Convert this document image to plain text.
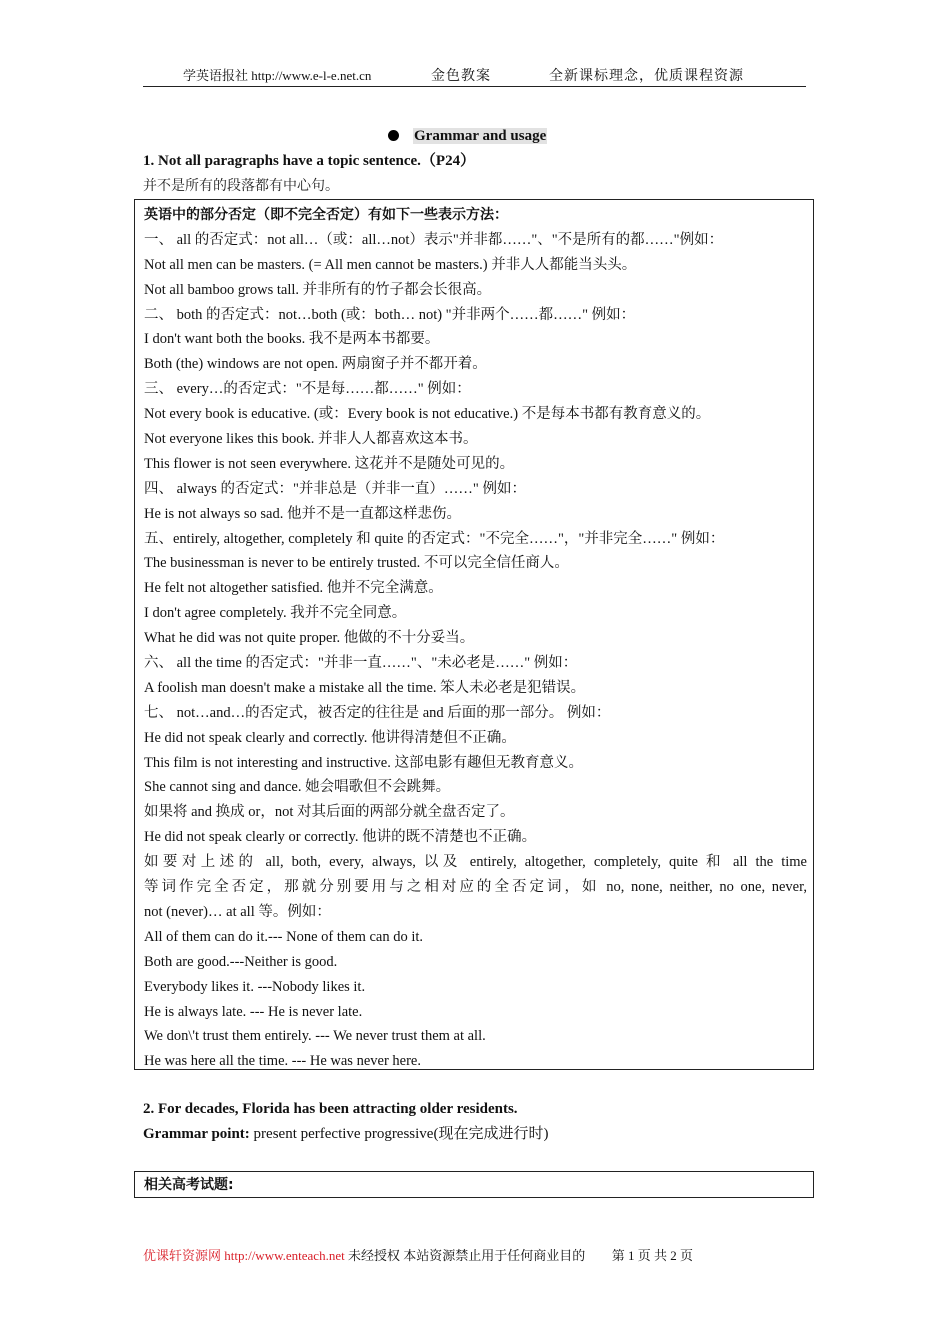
学英语报社 http://www.e-l-e.net.cn	金色教案	全新课标理念，优质课程资源
Grammar and usage
1. Not all paragraphs have a topic sentence.（P24）
并不是所有的段落都有中心句。
英语中的部分否定（即不完全否定）有如下一些表示方法：
一、 all 的否定式：not all…（或：all…not）表示"并非都……"、"不是所有的都……"例如：
Not all men can be masters. (= All men cannot be masters.) 并非人人都能当头头。
Not all bamboo grows tall. 并非所有的竹子都会长很高。
二、 both 的否定式：not…both (或：both… not) "并非两个……都……" 例如：
I don't want both the books. 我不是两本书都要。
Both (the) windows are not open. 两扇窗子并不都开着。
三、 every…的否定式："不是每……都……" 例如：
Not every book is educative. (或：Every book is not educative.) 不是每本书都有教育意义的。
Not everyone likes this book. 并非人人都喜欢这本书。
This flower is not seen everywhere. 这花并不是随处可见的。
四、 always 的否定式："并非总是（并非一直）……" 例如：
He is not always so sad. 他并不是一直都这样悲伤。
五、entirely, altogether, completely 和 quite 的否定式："不完全……"，"并非完全……" 例如：
The businessman is never to be entirely trusted. 不可以完全信任商人。
He felt not altogether satisfied. 他并不完全满意。
I don't agree completely. 我并不完全同意。
What he did was not quite proper. 他做的不十分妥当。
六、 all the time 的否定式："并非一直……"、"未必老是……" 例如：
A foolish man doesn't make a mistake all the time. 笨人未必老是犯错误。
七、 not…and…的否定式，被否定的往往是 and 后面的那一部分。 例如：
He did not speak clearly and correctly. 他讲得清楚但不正确。
This film is not interesting and instructive. 这部电影有趣但无教育意义。
She cannot sing and dance. 她会唱歌但不会跳舞。
如果将 and 换成 or，not 对其后面的两部分就全盘否定了。
He did not speak clearly or correctly. 他讲的既不清楚也不正确。
如要对上述的 all, both, every, always, 以及 entirely, altogether, completely, quite 和 all the time
等词作完全否定，那就分别要用与之相对应的全否定词，如 no, none, neither, no one, never,
not (never)… at all 等。例如：
All of them can do it.--- None of them can do it.
Both are good.---Neither is good.
Everybody likes it. ---Nobody likes it.
He is always late. --- He is never late.
We don\'t trust them entirely. --- We never trust them at all.
He was here all the time. --- He was never here.
2. For decades, Florida has been attracting older residents.
Grammar point: present perfective progressive(现在完成进行时)
相关高考试题:
优课轩资源网 http://www.enteach.net 未经授权 本站资源禁止用于任何商业目的 第 1 页 共 2 页
